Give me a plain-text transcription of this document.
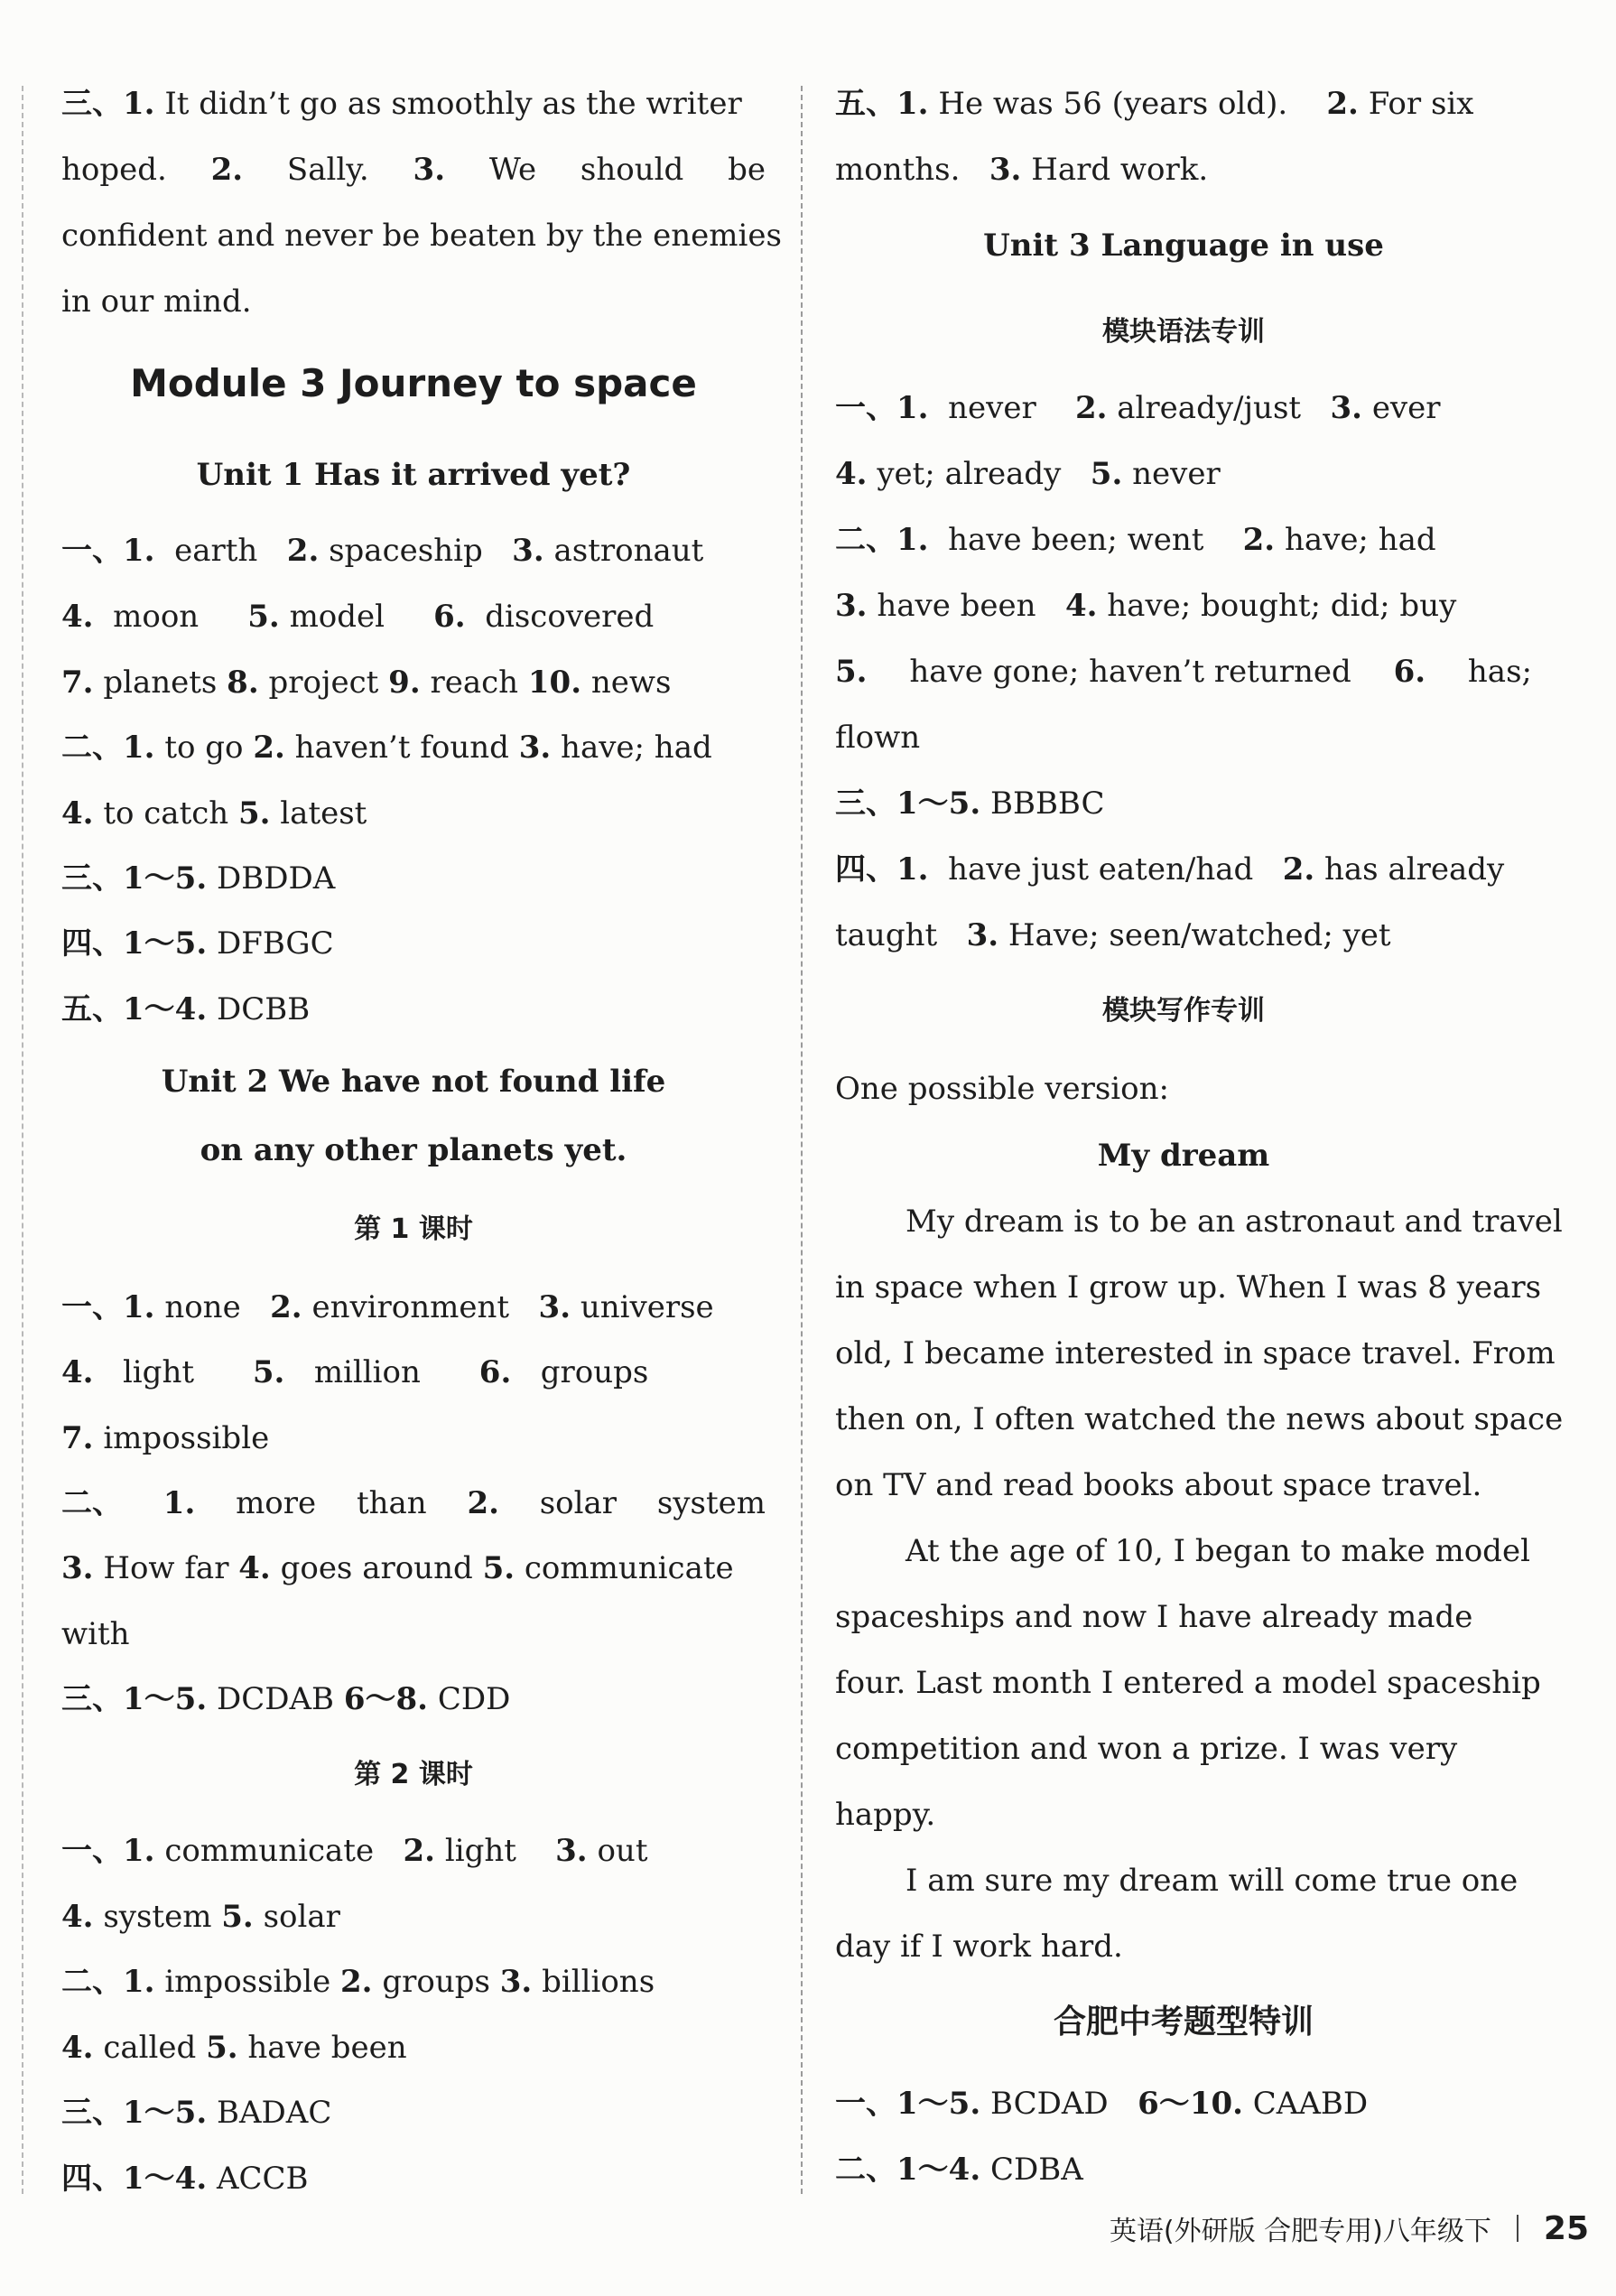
三、1. It didn’t go as smoothly as the writer
hoped. 2. Sally. 3. We should be
confident and never be beaten by the enemies
in our mind.
Module 3 Journey to space
Unit 1 Has it arrived yet?
一、1. earth 2. spaceship 3. astronaut
4. moon 5. model 6. discovered
7. planets 8. project 9. reach 10. news
二、1. to go 2. haven’t found 3. have; had
4. to catch 5. latest
三、1～5. DBDDA
四、1～5. DFBGC
五、1～4. DCBB
Unit 2 We have not found life
on any other planets yet.
第 1 课时
一、1. none 2. environment 3. universe
4. light 5. million 6. groups
7. impossible
二、 1. more than 2. solar system
3. How far 4. goes around 5. communicate
with
三、1～5. DCDAB 6～8. CDD
第 2 课时
一、1. communicate 2. light 3. out
4. system 5. solar
二、1. impossible 2. groups 3. billions
4. called 5. have been
三、1～5. BADAC
四、1～4. ACCB
五、1. He was 56 (years old). 2. For six
months. 3. Hard work.
Unit 3 Language in use
模块语法专训
一、1. never 2. already/just 3. ever
4. yet; already 5. never
二、1. have been; went 2. have; had
3. have been 4. have; bought; did; buy
5. have gone; haven’t returned 6. has;
flown
三、1～5. BBBBC
四、1. have just eaten/had 2. has already
taught 3. Have; seen/watched; yet
模块写作专训
One possible version:
My dream
My dream is to be an astronaut and travel
in space when I grow up. When I was 8 years
old, I became interested in space travel. From
then on, I often watched the news about space
on TV and read books about space travel.
At the age of 10, I began to make model
spaceships and now I have already made
four. Last month I entered a model spaceship
competition and won a prize. I was very
happy.
I am sure my dream will come true one
day if I work hard.
合肥中考题型特训
一、1～5. BCDAD 6～10. CAABD
二、1～4. CDBA
英语(外研版 合肥专用)八年级下 25
